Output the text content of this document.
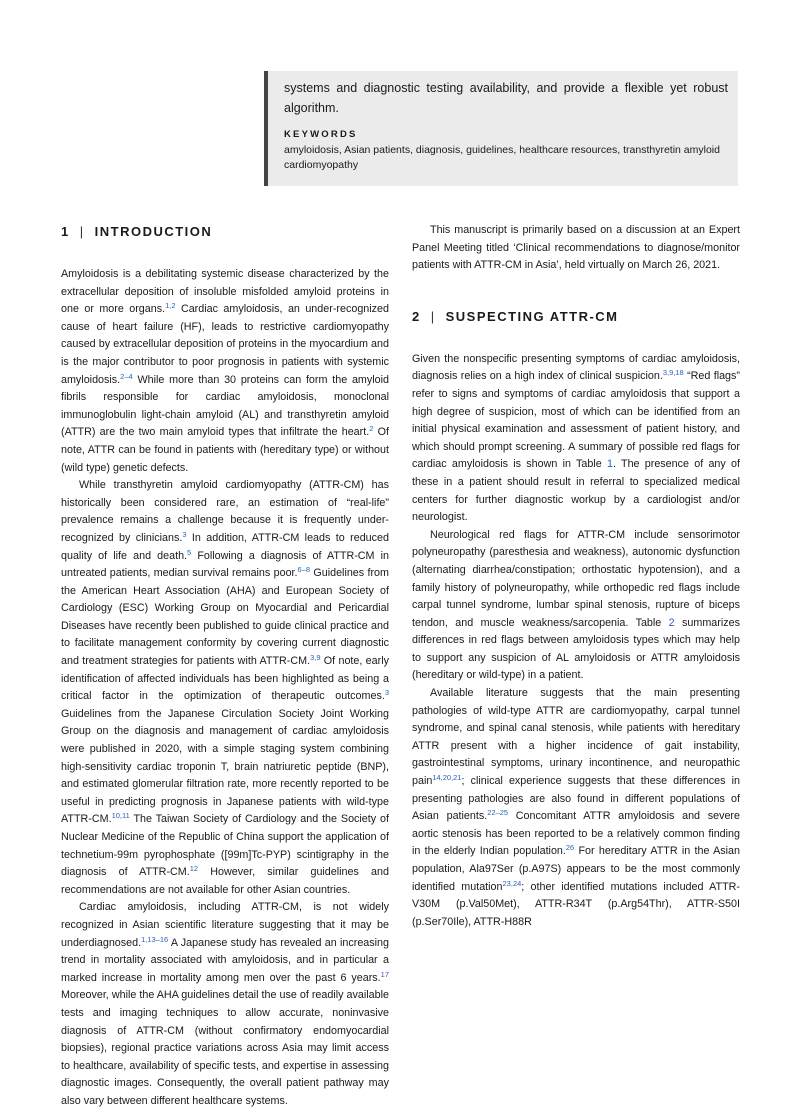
systems and diagnostic testing availability, and provide a flexible yet robust algorithm.

KEYWORDS

amyloidosis, Asian patients, diagnosis, guidelines, healthcare resources, transthyretin amyloid cardiomyopathy

1 | INTRODUCTION

Amyloidosis is a debilitating systemic disease characterized by the extracellular deposition of insoluble misfolded amyloid proteins in one or more organs.$^{1,2}$ Cardiac amyloidosis, an under-recognized cause of heart failure (HF), leads to restrictive cardiomyopathy caused by extracellular deposition of proteins in the myocardium and is the major contributor to poor prognosis in patients with systemic amyloidosis.$^{2-4}$ While more than 30 proteins can form the amyloid fibrils responsible for cardiac amyloidosis, monoclonal immunoglobulin light-chain amyloid (AL) and transthyretin amyloid (ATTR) are the two main amyloid types that infiltrate the heart.$^2$ Of note, ATTR can be found in patients with (hereditary type) or without (wild type) genetic defects.

While transthyretin amyloid cardiomyopathy (ATTR-CM) has historically been considered rare, an estimation of “real-life” prevalence remains a challenge because it is frequently under-recognized by clinicians.$^3$ In addition, ATTR-CM leads to reduced quality of life and death.$^5$ Following a diagnosis of ATTR-CM in untreated patients, median survival remains poor.$^{6-8}$ Guidelines from the American Heart Association (AHA) and European Society of Cardiology (ESC) Working Group on Myocardial and Pericardial Diseases have recently been published to guide clinical practice and to facilitate management conformity by covering current diagnostic and treatment strategies for patients with ATTR-CM.$^{3,9}$ Of note, early identification of affected individuals has been highlighted as being a critical factor in the optimization of therapeutic outcomes.$^3$ Guidelines from the Japanese Circulation Society Joint Working Group on the diagnosis and management of cardiac amyloidosis were published in 2020, with a simple staging system combining high-sensitivity cardiac troponin T, brain natriuretic peptide (BNP), and estimated glomerular filtration rate, more recently reported to be useful in predicting prognosis in Japanese patients with wild-type ATTR-CM.$^{10,11}$ The Taiwan Society of Cardiology and the Society of Nuclear Medicine of the Republic of China support the application of technetium-99m pyrophosphate ([99m]Tc-PYP) scintigraphy in the diagnosis of ATTR-CM.$^{12}$ However, similar guidelines and recommendations are not available for other Asian countries.

Cardiac amyloidosis, including ATTR-CM, is not widely recognized in Asian scientific literature suggesting that it may be underdiagnosed.$^{1,13-16}$ A Japanese study has revealed an increasing trend in mortality associated with amyloidosis, and in particular a marked increase in mortality among men over the past 6 years.$^{17}$ Moreover, while the AHA guidelines detail the use of readily available tests and imaging techniques to allow accurate, noninvasive diagnosis of ATTR-CM (without confirmatory endomyocardial biopsies), regional practice variations across Asia may limit access to healthcare, availability of specific tests, and expertise in assessing diagnostic images. Consequently, the overall patient pathway may also vary between different healthcare systems.

This manuscript is primarily based on a discussion at an Expert Panel Meeting titled ‘Clinical recommendations to diagnose/monitor patients with ATTR-CM in Asia’, held virtually on March 26, 2021.

2 | SUSPECTING ATTR-CM

Given the nonspecific presenting symptoms of cardiac amyloidosis, diagnosis relies on a high index of clinical suspicion.$^{3,9,18}$ “Red flags” refer to signs and symptoms of cardiac amyloidosis that support a high degree of suspicion, most of which can be identified from an initial physical examination and assessment of patient history, and which should prompt screening. A summary of possible red flags for cardiac amyloidosis is shown in Table 1. The presence of any of these in a patient should result in referral to specialized medical centers for further diagnostic workup by a cardiologist and/or neurologist.

Neurological red flags for ATTR-CM include sensorimotor polyneuropathy (paresthesia and weakness), autonomic dysfunction (alternating diarrhea/constipation; orthostatic hypotension), and a family history of polyneuropathy, while orthopedic red flags include carpal tunnel syndrome, lumbar spinal stenosis, rupture of biceps tendon, and muscle weakness/sarcopenia. Table 2 summarizes differences in red flags between amyloidosis types which may help to support any suspicion of AL amyloidosis or ATTR amyloidosis (hereditary or wild-type) in a patient.

Available literature suggests that the main presenting pathologies of wild-type ATTR are cardiomyopathy, carpal tunnel syndrome, and spinal canal stenosis, while patients with hereditary ATTR present with a higher incidence of gait instability, gastrointestinal symptoms, urinary incontinence, and neuropathic pain$^{14,20,21}$; clinical experience suggests that these differences in presenting pathologies are also found in different populations of Asian patients.$^{22-25}$ Concomitant ATTR amyloidosis and severe aortic stenosis has been reported to be a relatively common finding in the elderly Indian population.$^{26}$ For hereditary ATTR in the Asian population, Ala97Ser (p.A97S) appears to be the most commonly identified mutation$^{23,24}$; other identified mutations included ATTR-V30M (p.Val50Met), ATTR-R34T (p.Arg54Thr), ATTR-S50I (p.Ser70Ile), ATTR-H88R
